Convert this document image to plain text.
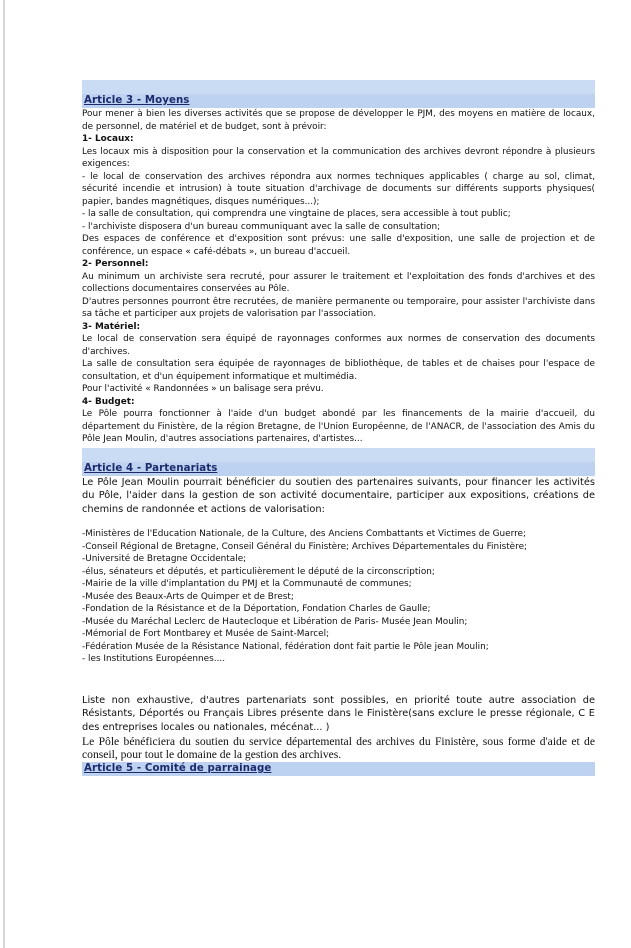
Article 3 - Moyens

Pour mener à bien les diverses activités que se propose de développer le PJM, des moyens en matière de locaux, de personnel, de matériel et de budget, sont à prévoir:

1- Locaux:

Les locaux mis à disposition pour la conservation et la communication des archives devront répondre à plusieurs exigences:

- le local de conservation des archives répondra aux normes techniques applicables ( charge au sol, climat, sécurité incendie et intrusion) à toute situation d'archivage de documents sur différents supports physiques( papier, bandes magnétiques, disques numériques...);

- la salle de consultation, qui comprendra une vingtaine de places, sera accessible à tout public;

- l'archiviste disposera d'un bureau communiquant avec la salle de consultation;

Des espaces de conférence et d'exposition sont prévus: une salle d'exposition, une salle de projection et de conférence, un espace « café-débats », un bureau d'accueil.

2- Personnel:

Au minimum un archiviste sera recruté, pour assurer le traitement et l'exploitation des fonds d'archives et des collections documentaires conservées au Pôle.

D'autres personnes pourront être recrutées, de manière permanente ou temporaire, pour assister l'archiviste dans sa tâche et participer aux projets de valorisation par l'association.

3- Matériel:

Le local de conservation sera équipé de rayonnages conformes aux normes de conservation des documents d'archives.

La salle de consultation sera équipée de rayonnages de bibliothèque, de tables et de chaises pour l'espace de consultation, et d'un équipement informatique et multimédia.

Pour l'activité « Randonnées » un balisage sera prévu.

4- Budget:

Le Pôle pourra fonctionner à l'aide d'un budget abondé par les financements de la mairie d'accueil, du département du Finistère, de la région Bretagne, de l'Union Européenne, de l'ANACR, de l'association des Amis du Pôle Jean Moulin, d'autres associations partenaires, d'artistes...

Article 4 - Partenariats

Le Pôle Jean Moulin pourrait bénéficier du soutien des partenaires suivants, pour financer les activités du Pôle, l'aider dans la gestion de son activité documentaire, participer aux expositions, créations de chemins de randonnée et actions de valorisation:

-Ministères de l'Education Nationale, de la Culture, des Anciens Combattants et Victimes de Guerre;

-Conseil Régional de Bretagne, Conseil Général du Finistère; Archives Départementales du Finistère;

-Université de Bretagne Occidentale;

-élus, sénateurs et députés, et particulièrement le député de la circonscription;

-Mairie de la ville d'implantation du PMJ et la Communauté de communes;

-Musée des Beaux-Arts de Quimper et de Brest;

-Fondation de la Résistance et de la Déportation, Fondation Charles de Gaulle;

-Musée du Maréchal Leclerc de Hautecloque et Libération de Paris- Musée Jean Moulin;

-Mémorial de Fort Montbarey et Musée de Saint-Marcel;

-Fédération Musée de la Résistance National, fédération dont fait partie le Pôle jean Moulin;

- les Institutions Européennes....

Liste non exhaustive, d'autres partenariats sont possibles, en priorité toute autre association de Résistants, Déportés ou Français Libres présente dans le Finistère(sans exclure le presse régionale, C E des entreprises locales ou nationales, mécénat... )

Le Pôle bénéficiera du soutien du service départemental des archives du Finistère, sous forme d'aide et de conseil, pour tout le domaine de la gestion des archives.

Article 5 - Comité de parrainage
